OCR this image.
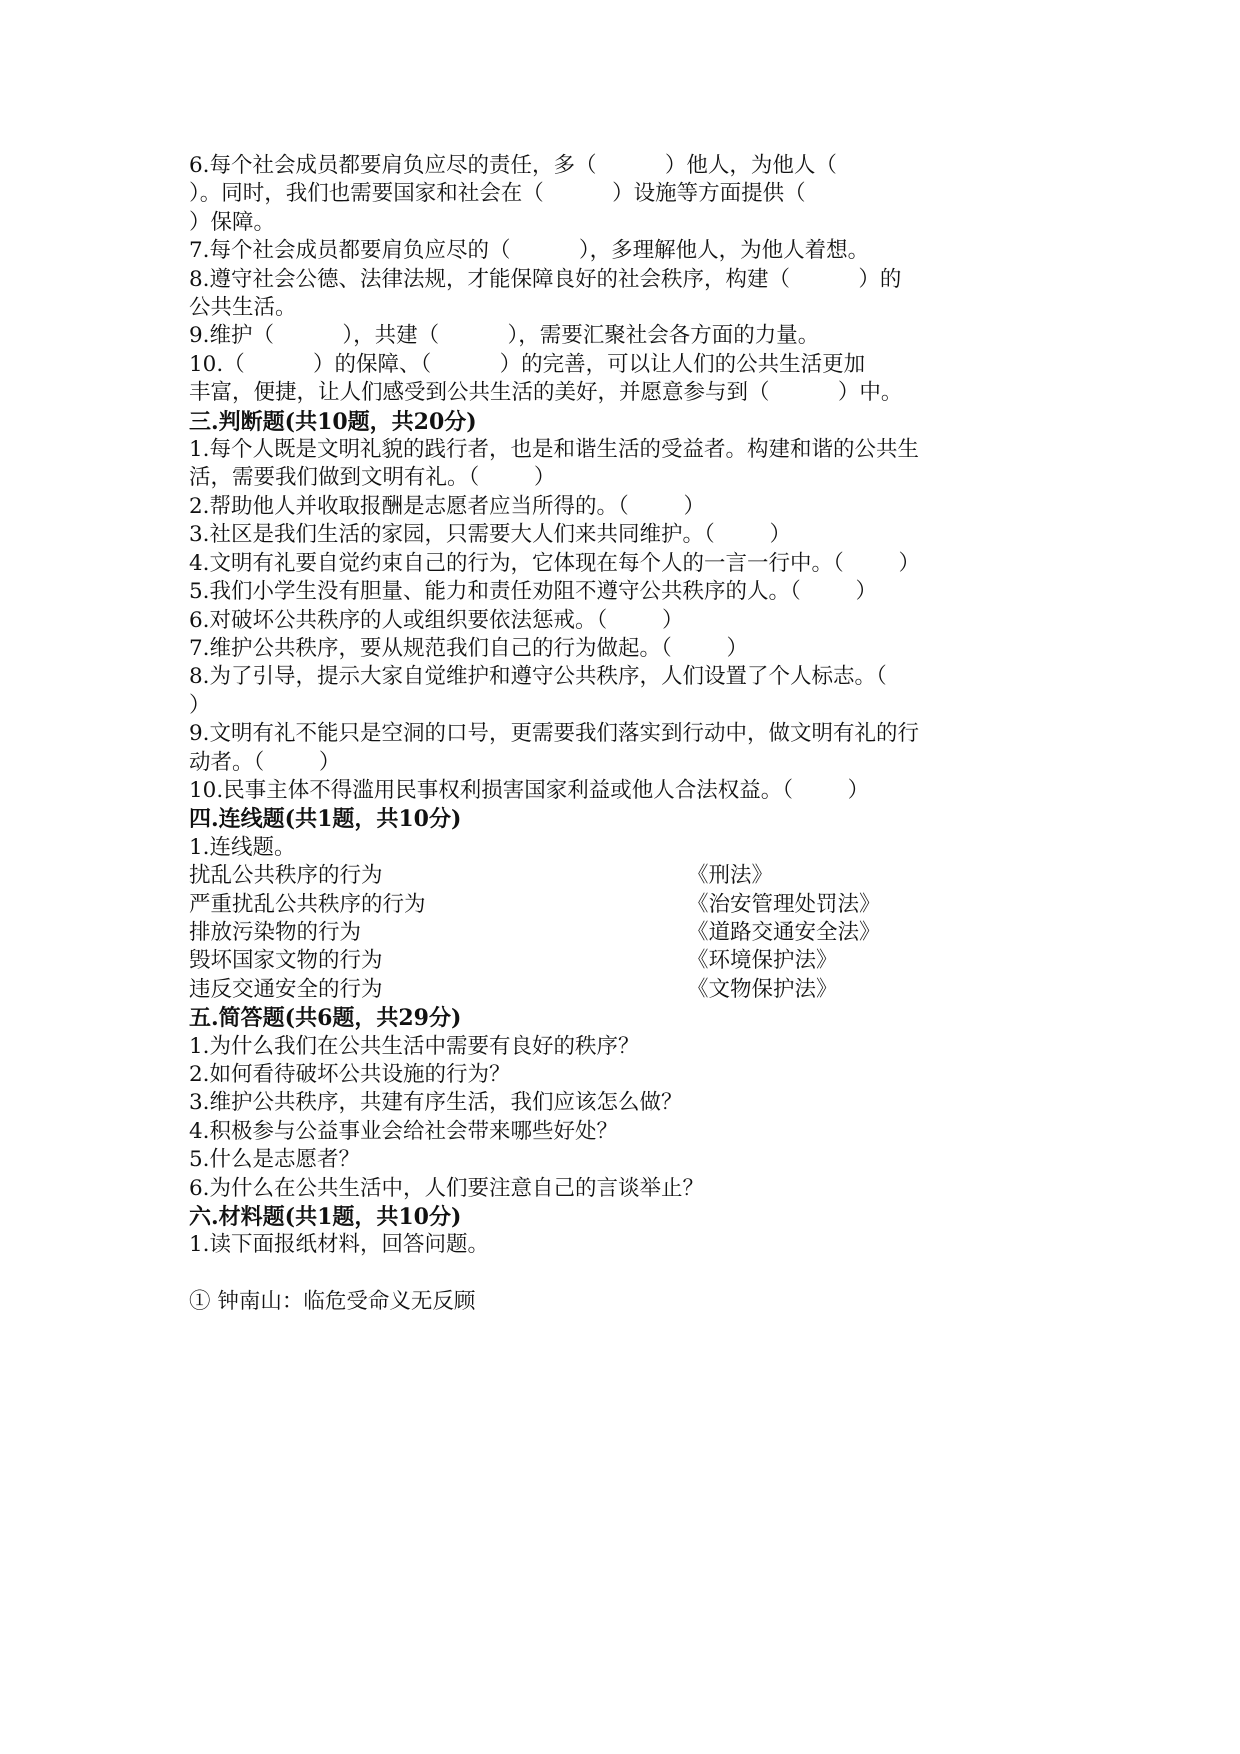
6.每个社会成员都要肩负应尽的责任，多（          ）他人，为他人（
）。同时，我们也需要国家和社会在（          ）设施等方面提供（
）保障。
7.每个社会成员都要肩负应尽的（          ），多理解他人，为他人着想。
8.遵守社会公德、法律法规，才能保障良好的社会秩序，构建（          ）的
公共生活。
9.维护（          ），共建（          ），需要汇聚社会各方面的力量。
10.（          ）的保障、（          ）的完善，可以让人们的公共生活更加
丰富，便捷，让人们感受到公共生活的美好，并愿意参与到（          ）中。
三.判断题(共10题，共20分)
1.每个人既是文明礼貌的践行者，也是和谐生活的受益者。构建和谐的公共生
活，需要我们做到文明有礼。（        ）
2.帮助他人并收取报酬是志愿者应当所得的。（        ）
3.社区是我们生活的家园，只需要大人们来共同维护。（        ）
4.文明有礼要自觉约束自己的行为，它体现在每个人的一言一行中。（        ）
5.我们小学生没有胆量、能力和责任劝阻不遵守公共秩序的人。（        ）
6.对破坏公共秩序的人或组织要依法惩戒。（        ）
7.维护公共秩序，要从规范我们自己的行为做起。（        ）
8.为了引导，提示大家自觉维护和遵守公共秩序，人们设置了个人标志。（
）
9.文明有礼不能只是空洞的口号，更需要我们落实到行动中，做文明有礼的行
动者。（        ）
10.民事主体不得滥用民事权利损害国家利益或他人合法权益。（        ）
四.连线题(共1题，共10分)
1.连线题。
扰乱公共秩序的行为	《刑法》
严重扰乱公共秩序的行为	《治安管理处罚法》
排放污染物的行为	《道路交通安全法》
毁坏国家文物的行为	《环境保护法》
违反交通安全的行为	《文物保护法》
五.简答题(共6题，共29分)
1.为什么我们在公共生活中需要有良好的秩序？
2.如何看待破坏公共设施的行为？
3.维护公共秩序，共建有序生活，我们应该怎么做？
4.积极参与公益事业会给社会带来哪些好处？
5.什么是志愿者？
6.为什么在公共生活中，人们要注意自己的言谈举止？
六.材料题(共1题，共10分)
1.读下面报纸材料，回答问题。
① 钟南山：临危受命义无反顾
